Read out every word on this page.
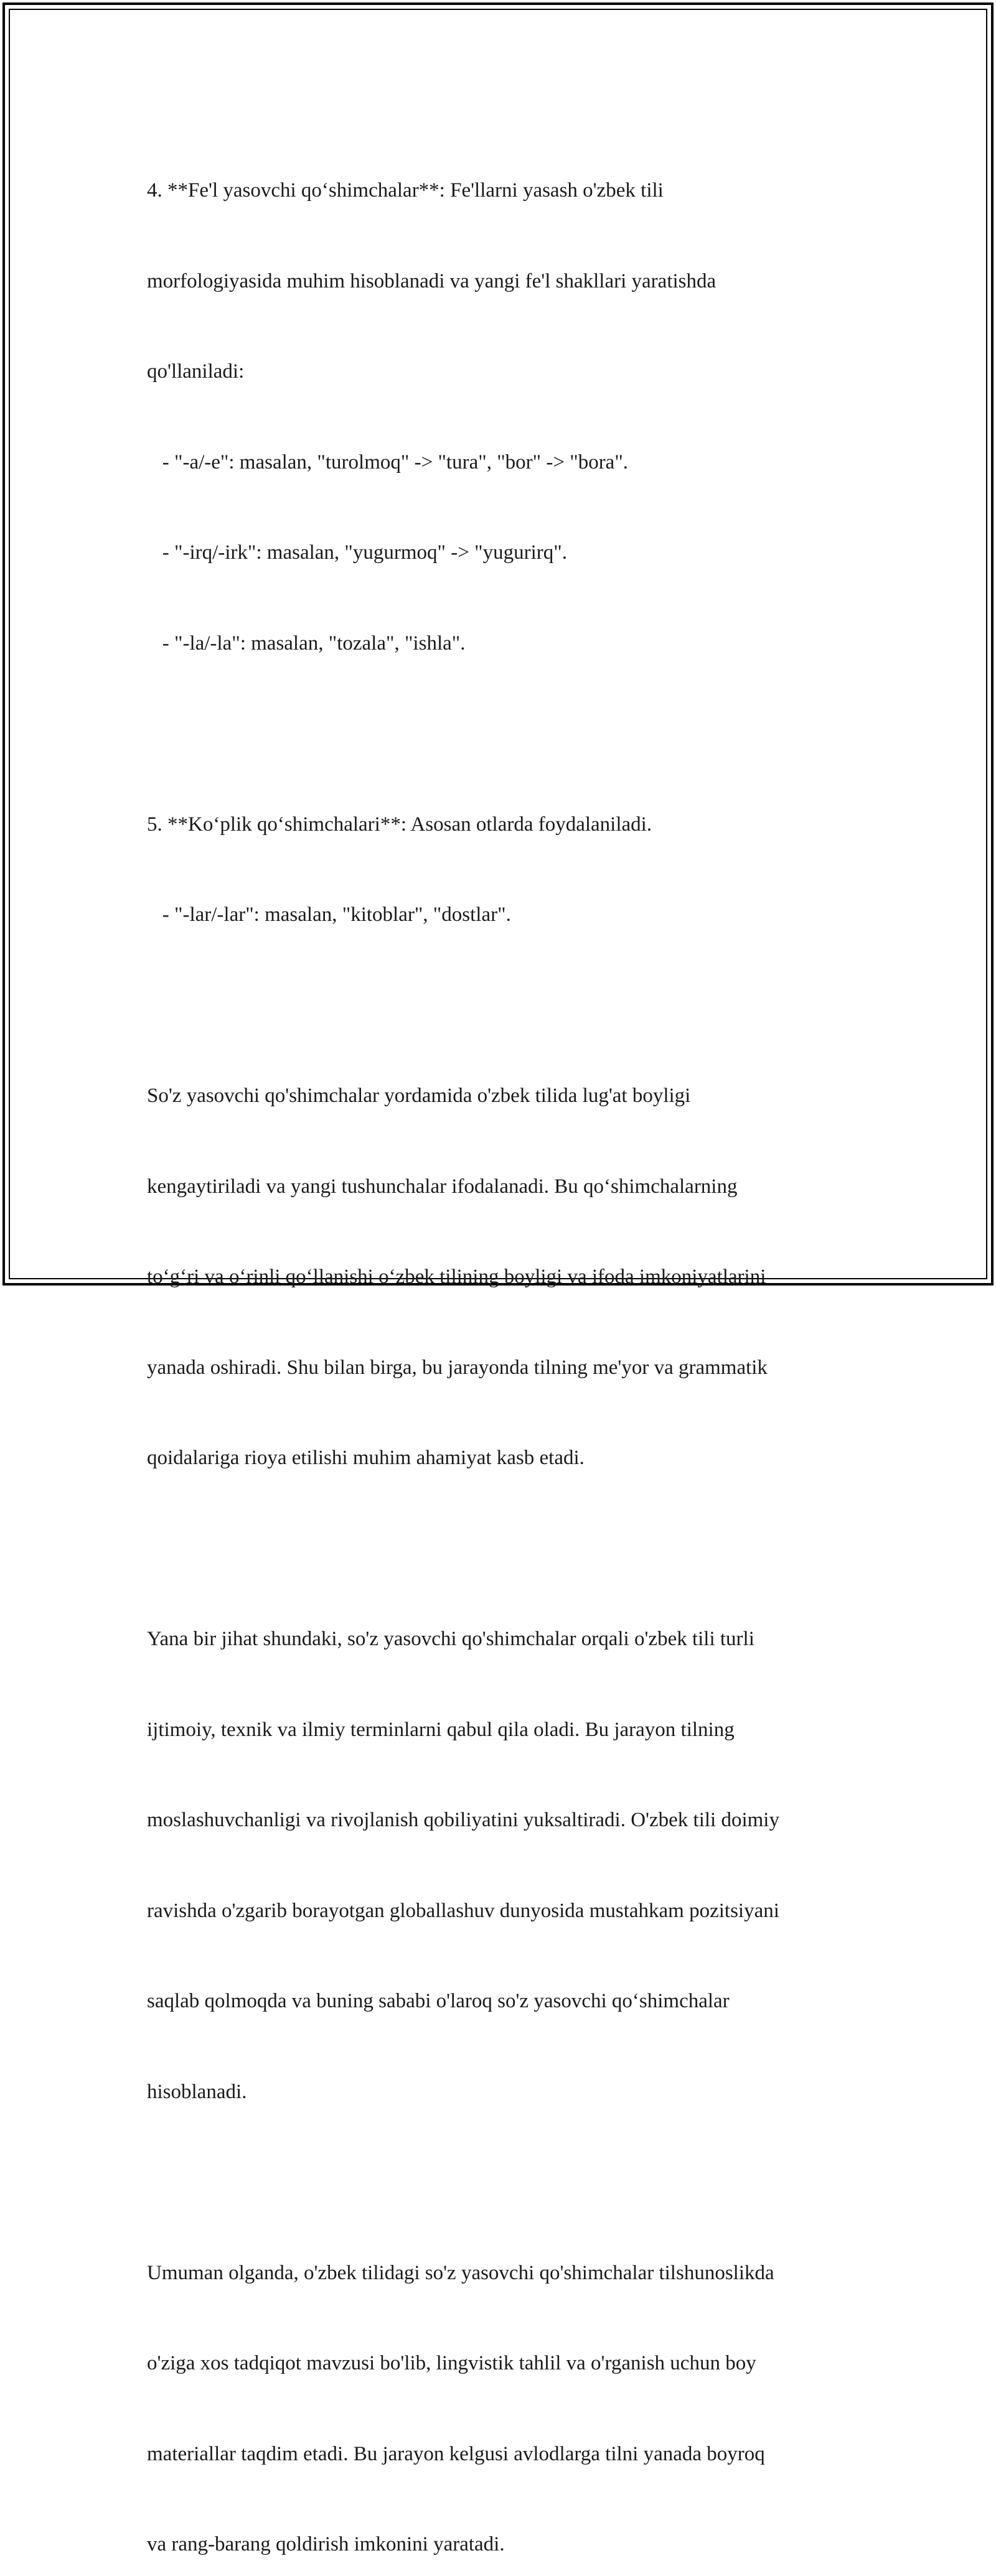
4. **Fe'l yasovchi qo‘shimchalar**: Fe'llarni yasash o'zbek tili

morfologiyasida muhim hisoblanadi va yangi fe'l shakllari yaratishda

qo'llaniladi:

- "-a/-e": masalan, "turolmoq" -> "tura", "bor" -> "bora".

- "-irq/-irk": masalan, "yugurmoq" -> "yugurirq".

- "-la/-la": masalan, "tozala", "ishla".

5. **Ko‘plik qo‘shimchalari**: Asosan otlarda foydalaniladi.

- "-lar/-lar": masalan, "kitoblar", "dostlar".

So'z yasovchi qo'shimchalar yordamida o'zbek tilida lug'at boyligi

kengaytiriladi va yangi tushunchalar ifodalanadi. Bu qo‘shimchalarning

to‘g‘ri va o‘rinli qo‘llanishi o‘zbek tilining boyligi va ifoda imkoniyatlarini

yanada oshiradi. Shu bilan birga, bu jarayonda tilning me'yor va grammatik

qoidalariga rioya etilishi muhim ahamiyat kasb etadi.

Yana bir jihat shundaki, so'z yasovchi qo'shimchalar orqali o'zbek tili turli

ijtimoiy, texnik va ilmiy terminlarni qabul qila oladi. Bu jarayon tilning

moslashuvchanligi va rivojlanish qobiliyatini yuksaltiradi. O'zbek tili doimiy

ravishda o'zgarib borayotgan globallashuv dunyosida mustahkam pozitsiyani

saqlab qolmoqda va buning sababi o'laroq so'z yasovchi qo‘shimchalar

hisoblanadi.

Umuman olganda, o'zbek tilidagi so'z yasovchi qo'shimchalar tilshunoslikda

o'ziga xos tadqiqot mavzusi bo'lib, lingvistik tahlil va o'rganish uchun boy

materiallar taqdim etadi. Bu jarayon kelgusi avlodlarga tilni yanada boyroq

va rang-barang qoldirish imkonini yaratadi.
